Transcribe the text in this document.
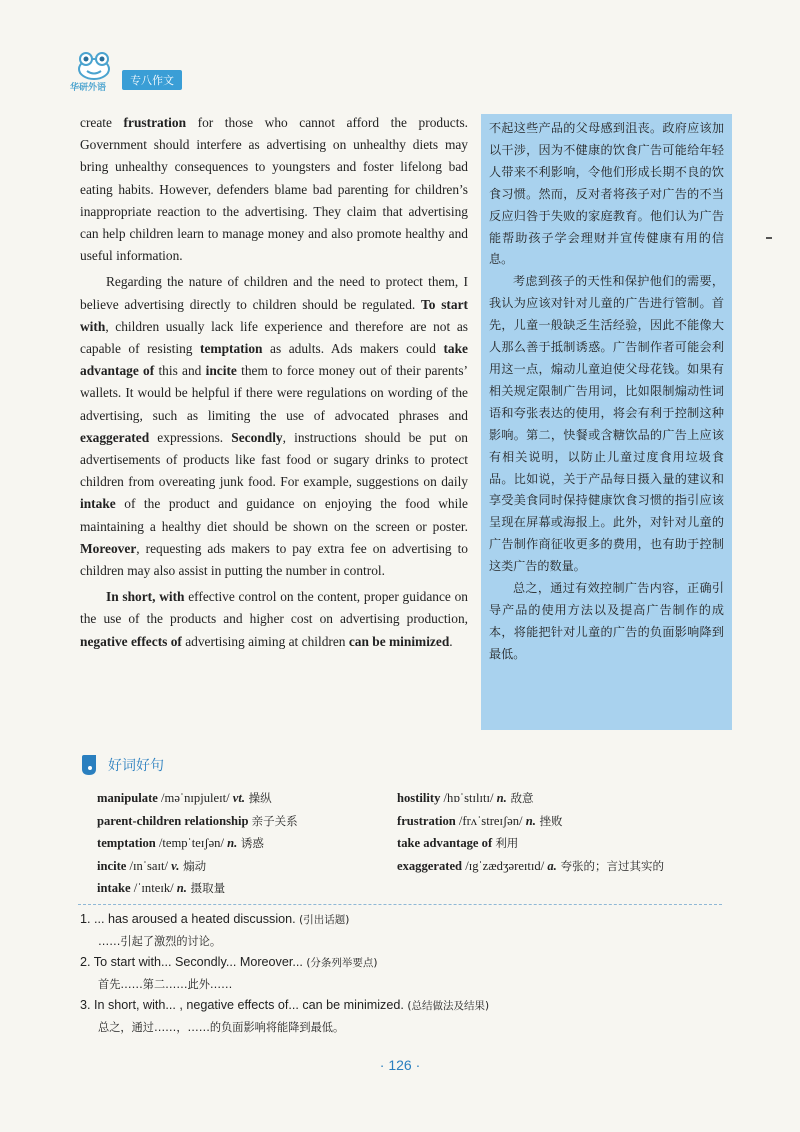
华研外语	专八作文

create frustration for those who cannot afford the products. Government should interfere as advertising on unhealthy diets may bring unhealthy consequences to youngsters and foster lifelong bad eating habits. However, defenders blame bad parenting for children’s inappropriate reaction to the advertising. They claim that advertising can help children learn to manage money and also promote healthy and useful information.

Regarding the nature of children and the need to protect them, I believe advertising directly to children should be regulated. To start with, children usually lack life experience and therefore are not as capable of resisting temptation as adults. Ads makers could take advantage of this and incite them to force money out of their parents’ wallets. It would be helpful if there were regulations on wording of the advertising, such as limiting the use of advocated phrases and exaggerated expressions. Secondly, instructions should be put on advertisements of products like fast food or sugary drinks to protect children from overeating junk food. For example, suggestions on daily intake of the product and guidance on enjoying the food while maintaining a healthy diet should be shown on the screen or poster. Moreover, requesting ads makers to pay extra fee on advertising to children may also assist in putting the number in control.

In short, with effective control on the content, proper guidance on the use of the products and higher cost on advertising production, negative effects of advertising aiming at children can be minimized.

不起这些产品的父母感到沮丧。政府应该加以干涉，因为不健康的饮食广告可能给年轻人带来不利影响，令他们形成长期不良的饮食习惯。然而，反对者将孩子对广告的不当反应归咎于失败的家庭教育。他们认为广告能帮助孩子学会理财并宣传健康有用的信息。

考虑到孩子的天性和保护他们的需要，我认为应该对针对儿童的广告进行管制。首先，儿童一般缺乏生活经验，因此不能像大人那么善于抵制诱惑。广告制作者可能会利用这一点，煽动儿童迫使父母花钱。如果有相关规定限制广告用词，比如限制煽动性词语和夸张表达的使用，将会有利于控制这种影响。第二，快餐或含糖饮品的广告上应该有相关说明，以防止儿童过度食用垃圾食品。比如说，关于产品每日摄入量的建议和享受美食同时保持健康饮食习惯的指引应该呈现在屏幕或海报上。此外，对针对儿童的广告制作商征收更多的费用，也有助于控制这类广告的数量。

总之，通过有效控制广告内容，正确引导产品的使用方法以及提高广告制作的成本，将能把针对儿童的广告的负面影响降到最低。

好词好句
manipulate /məˈnɪpjuleɪt/ vt. 操纵	hostility /hɒˈstɪlɪtɪ/ n. 敌意
parent-children relationship 亲子关系	frustration /frʌˈstreɪʃən/ n. 挫败
temptation /tempˈteɪʃən/ n. 诱惑	take advantage of 利用
incite /ɪnˈsaɪt/ v. 煽动	exaggerated /ɪgˈzædʒəreɪtɪd/ a. 夸张的；言过其实的
intake /ˈɪnteɪk/ n. 摄取量
1. ... has aroused a heated discussion. (引出话题)
……引起了激烈的讨论。
2. To start with... Secondly... Moreover... (分条列举要点)
首先……第二……此外……
3. In short, with... , negative effects of... can be minimized. (总结做法及结果)
总之，通过……，……的负面影响将能降到最低。
· 126 ·
